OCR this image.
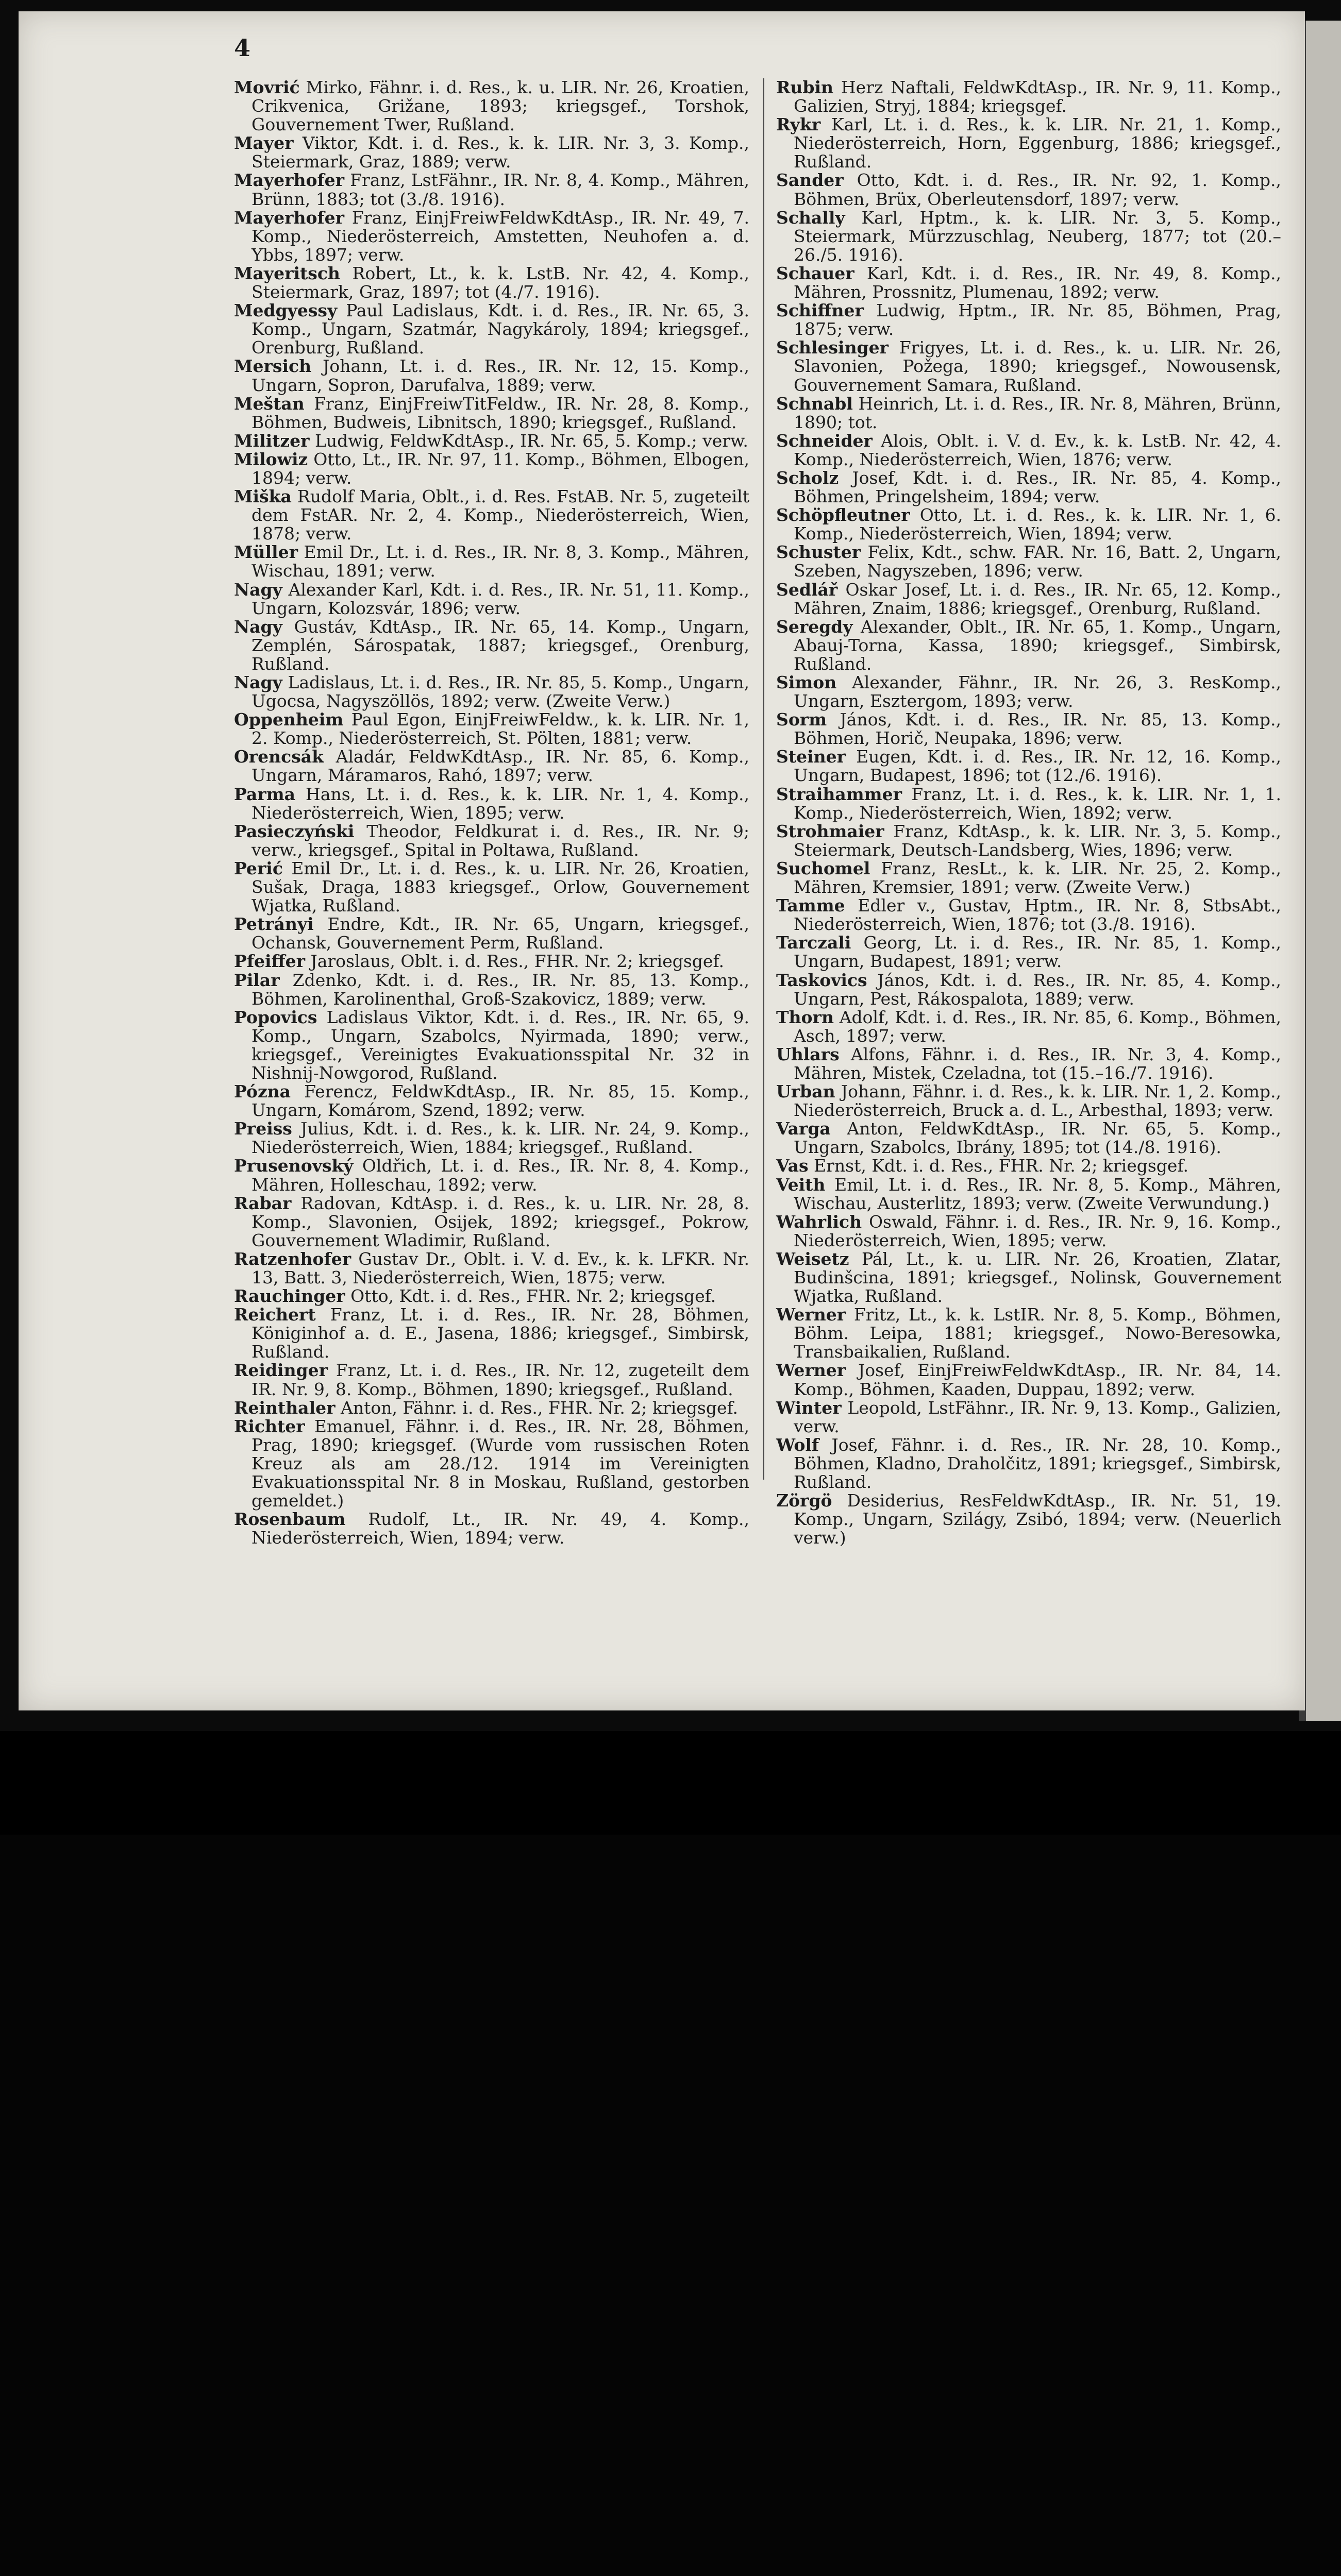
4

Movrić Mirko, Fähnr. i. d. Res., k. u. LIR. Nr. 26, Kroatien, Crikvenica, Grižane, 1893; kriegsgef., Torshok, Gouvernement Twer, Rußland.

Mayer Viktor, Kdt. i. d. Res., k. k. LIR. Nr. 3, 3. Komp., Steiermark, Graz, 1889; verw.

Mayerhofer Franz, LstFähnr., IR. Nr. 8, 4. Komp., Mähren, Brünn, 1883; tot (3./8. 1916).

Mayerhofer Franz, EinjFreiwFeldwKdtAsp., IR. Nr. 49, 7. Komp., Niederösterreich, Amstetten, Neuhofen a. d. Ybbs, 1897; verw.

Mayeritsch Robert, Lt., k. k. LstB. Nr. 42, 4. Komp., Steiermark, Graz, 1897; tot (4./7. 1916).

Medgyessy Paul Ladislaus, Kdt. i. d. Res., IR. Nr. 65, 3. Komp., Ungarn, Szatmár, Nagykároly, 1894; kriegsgef., Orenburg, Rußland.

Mersich Johann, Lt. i. d. Res., IR. Nr. 12, 15. Komp., Ungarn, Sopron, Darufalva, 1889; verw.

Meštan Franz, EinjFreiwTitFeldw., IR. Nr. 28, 8. Komp., Böhmen, Budweis, Libnitsch, 1890; kriegsgef., Rußland.

Militzer Ludwig, FeldwKdtAsp., IR. Nr. 65, 5. Komp.; verw.

Milowiz Otto, Lt., IR. Nr. 97, 11. Komp., Böhmen, Elbogen, 1894; verw.

Miška Rudolf Maria, Oblt., i. d. Res. FstAB. Nr. 5, zugeteilt dem FstAR. Nr. 2, 4. Komp., Niederösterreich, Wien, 1878; verw.

Müller Emil Dr., Lt. i. d. Res., IR. Nr. 8, 3. Komp., Mähren, Wischau, 1891; verw.

Nagy Alexander Karl, Kdt. i. d. Res., IR. Nr. 51, 11. Komp., Ungarn, Kolozsvár, 1896; verw.

Nagy Gustáv, KdtAsp., IR. Nr. 65, 14. Komp., Ungarn, Zemplén, Sárospatak, 1887; kriegsgef., Orenburg, Rußland.

Nagy Ladislaus, Lt. i. d. Res., IR. Nr. 85, 5. Komp., Ungarn, Ugocsa, Nagyszöllös, 1892; verw. (Zweite Verw.)

Oppenheim Paul Egon, EinjFreiwFeldw., k. k. LIR. Nr. 1, 2. Komp., Niederösterreich, St. Pölten, 1881; verw.

Orencsák Aladár, FeldwKdtAsp., IR. Nr. 85, 6. Komp., Ungarn, Máramaros, Rahó, 1897; verw.

Parma Hans, Lt. i. d. Res., k. k. LIR. Nr. 1, 4. Komp., Niederösterreich, Wien, 1895; verw.

Pasieczyński Theodor, Feldkurat i. d. Res., IR. Nr. 9; verw., kriegsgef., Spital in Poltawa, Rußland.

Perić Emil Dr., Lt. i. d. Res., k. u. LIR. Nr. 26, Kroatien, Sušak, Draga, 1883 kriegsgef., Orlow, Gouvernement Wjatka, Rußland.

Petrányi Endre, Kdt., IR. Nr. 65, Ungarn, kriegsgef., Ochansk, Gouvernement Perm, Rußland.

Pfeiffer Jaroslaus, Oblt. i. d. Res., FHR. Nr. 2; kriegsgef.

Pilar Zdenko, Kdt. i. d. Res., IR. Nr. 85, 13. Komp., Böhmen, Karolinenthal, Groß-Szakovicz, 1889; verw.

Popovics Ladislaus Viktor, Kdt. i. d. Res., IR. Nr. 65, 9. Komp., Ungarn, Szabolcs, Nyirmada, 1890; verw., kriegsgef., Vereinigtes Evakuationsspital Nr. 32 in Nishnij-Nowgorod, Rußland.

Pózna Ferencz, FeldwKdtAsp., IR. Nr. 85, 15. Komp., Ungarn, Komárom, Szend, 1892; verw.

Preiss Julius, Kdt. i. d. Res., k. k. LIR. Nr. 24, 9. Komp., Niederösterreich, Wien, 1884; kriegsgef., Rußland.

Prusenovský Oldřich, Lt. i. d. Res., IR. Nr. 8, 4. Komp., Mähren, Holleschau, 1892; verw.

Rabar Radovan, KdtAsp. i. d. Res., k. u. LIR. Nr. 28, 8. Komp., Slavonien, Osijek, 1892; kriegsgef., Pokrow, Gouvernement Wladimir, Rußland.

Ratzenhofer Gustav Dr., Oblt. i. V. d. Ev., k. k. LFKR. Nr. 13, Batt. 3, Niederösterreich, Wien, 1875; verw.

Rauchinger Otto, Kdt. i. d. Res., FHR. Nr. 2; kriegsgef.

Reichert Franz, Lt. i. d. Res., IR. Nr. 28, Böhmen, Königinhof a. d. E., Jasena, 1886; kriegsgef., Simbirsk, Rußland.

Reidinger Franz, Lt. i. d. Res., IR. Nr. 12, zugeteilt dem IR. Nr. 9, 8. Komp., Böhmen, 1890; kriegsgef., Rußland.

Reinthaler Anton, Fähnr. i. d. Res., FHR. Nr. 2; kriegsgef.

Richter Emanuel, Fähnr. i. d. Res., IR. Nr. 28, Böhmen, Prag, 1890; kriegsgef. (Wurde vom russischen Roten Kreuz als am 28./12. 1914 im Vereinigten Evakuationsspital Nr. 8 in Moskau, Rußland, gestorben gemeldet.)

Rosenbaum Rudolf, Lt., IR. Nr. 49, 4. Komp., Niederösterreich, Wien, 1894; verw.

Rubin Herz Naftali, FeldwKdtAsp., IR. Nr. 9, 11. Komp., Galizien, Stryj, 1884; kriegsgef.

Rykr Karl, Lt. i. d. Res., k. k. LIR. Nr. 21, 1. Komp., Niederösterreich, Horn, Eggenburg, 1886; kriegsgef., Rußland.

Sander Otto, Kdt. i. d. Res., IR. Nr. 92, 1. Komp., Böhmen, Brüx, Oberleutensdorf, 1897; verw.

Schally Karl, Hptm., k. k. LIR. Nr. 3, 5. Komp., Steiermark, Mürzzuschlag, Neuberg, 1877; tot (20.–26./5. 1916).

Schauer Karl, Kdt. i. d. Res., IR. Nr. 49, 8. Komp., Mähren, Prossnitz, Plumenau, 1892; verw.

Schiffner Ludwig, Hptm., IR. Nr. 85, Böhmen, Prag, 1875; verw.

Schlesinger Frigyes, Lt. i. d. Res., k. u. LIR. Nr. 26, Slavonien, Požega, 1890; kriegsgef., Nowousensk, Gouvernement Samara, Rußland.

Schnabl Heinrich, Lt. i. d. Res., IR. Nr. 8, Mähren, Brünn, 1890; tot.

Schneider Alois, Oblt. i. V. d. Ev., k. k. LstB. Nr. 42, 4. Komp., Niederösterreich, Wien, 1876; verw.

Scholz Josef, Kdt. i. d. Res., IR. Nr. 85, 4. Komp., Böhmen, Pringelsheim, 1894; verw.

Schöpfleutner Otto, Lt. i. d. Res., k. k. LIR. Nr. 1, 6. Komp., Niederösterreich, Wien, 1894; verw.

Schuster Felix, Kdt., schw. FAR. Nr. 16, Batt. 2, Ungarn, Szeben, Nagyszeben, 1896; verw.

Sedlář Oskar Josef, Lt. i. d. Res., IR. Nr. 65, 12. Komp., Mähren, Znaim, 1886; kriegsgef., Orenburg, Rußland.

Seregdy Alexander, Oblt., IR. Nr. 65, 1. Komp., Ungarn, Abauj-Torna, Kassa, 1890; kriegsgef., Simbirsk, Rußland.

Simon Alexander, Fähnr., IR. Nr. 26, 3. ResKomp., Ungarn, Esztergom, 1893; verw.

Sorm János, Kdt. i. d. Res., IR. Nr. 85, 13. Komp., Böhmen, Horič, Neupaka, 1896; verw.

Steiner Eugen, Kdt. i. d. Res., IR. Nr. 12, 16. Komp., Ungarn, Budapest, 1896; tot (12./6. 1916).

Straihammer Franz, Lt. i. d. Res., k. k. LIR. Nr. 1, 1. Komp., Niederösterreich, Wien, 1892; verw.

Strohmaier Franz, KdtAsp., k. k. LIR. Nr. 3, 5. Komp., Steiermark, Deutsch-Landsberg, Wies, 1896; verw.

Suchomel Franz, ResLt., k. k. LIR. Nr. 25, 2. Komp., Mähren, Kremsier, 1891; verw. (Zweite Verw.)

Tamme Edler v., Gustav, Hptm., IR. Nr. 8, StbsAbt., Niederösterreich, Wien, 1876; tot (3./8. 1916).

Tarczali Georg, Lt. i. d. Res., IR. Nr. 85, 1. Komp., Ungarn, Budapest, 1891; verw.

Taskovics János, Kdt. i. d. Res., IR. Nr. 85, 4. Komp., Ungarn, Pest, Rákospalota, 1889; verw.

Thorn Adolf, Kdt. i. d. Res., IR. Nr. 85, 6. Komp., Böhmen, Asch, 1897; verw.

Uhlars Alfons, Fähnr. i. d. Res., IR. Nr. 3, 4. Komp., Mähren, Mistek, Czeladna, tot (15.–16./7. 1916).

Urban Johann, Fähnr. i. d. Res., k. k. LIR. Nr. 1, 2. Komp., Niederösterreich, Bruck a. d. L., Arbesthal, 1893; verw.

Varga Anton, FeldwKdtAsp., IR. Nr. 65, 5. Komp., Ungarn, Szabolcs, Ibrány, 1895; tot (14./8. 1916).

Vas Ernst, Kdt. i. d. Res., FHR. Nr. 2; kriegsgef.

Veith Emil, Lt. i. d. Res., IR. Nr. 8, 5. Komp., Mähren, Wischau, Austerlitz, 1893; verw. (Zweite Verwundung.)

Wahrlich Oswald, Fähnr. i. d. Res., IR. Nr. 9, 16. Komp., Niederösterreich, Wien, 1895; verw.

Weisetz Pál, Lt., k. u. LIR. Nr. 26, Kroatien, Zlatar, Budinšcina, 1891; kriegsgef., Nolinsk, Gouvernement Wjatka, Rußland.

Werner Fritz, Lt., k. k. LstIR. Nr. 8, 5. Komp., Böhmen, Böhm. Leipa, 1881; kriegsgef., Nowo-Beresowka, Transbaikalien, Rußland.

Werner Josef, EinjFreiwFeldwKdtAsp., IR. Nr. 84, 14. Komp., Böhmen, Kaaden, Duppau, 1892; verw.

Winter Leopold, LstFähnr., IR. Nr. 9, 13. Komp., Galizien, verw.

Wolf Josef, Fähnr. i. d. Res., IR. Nr. 28, 10. Komp., Böhmen, Kladno, Draholčitz, 1891; kriegsgef., Simbirsk, Rußland.

Zörgö Desiderius, ResFeldwKdtAsp., IR. Nr. 51, 19. Komp., Ungarn, Szilágy, Zsibó, 1894; verw. (Neuerlich verw.)
